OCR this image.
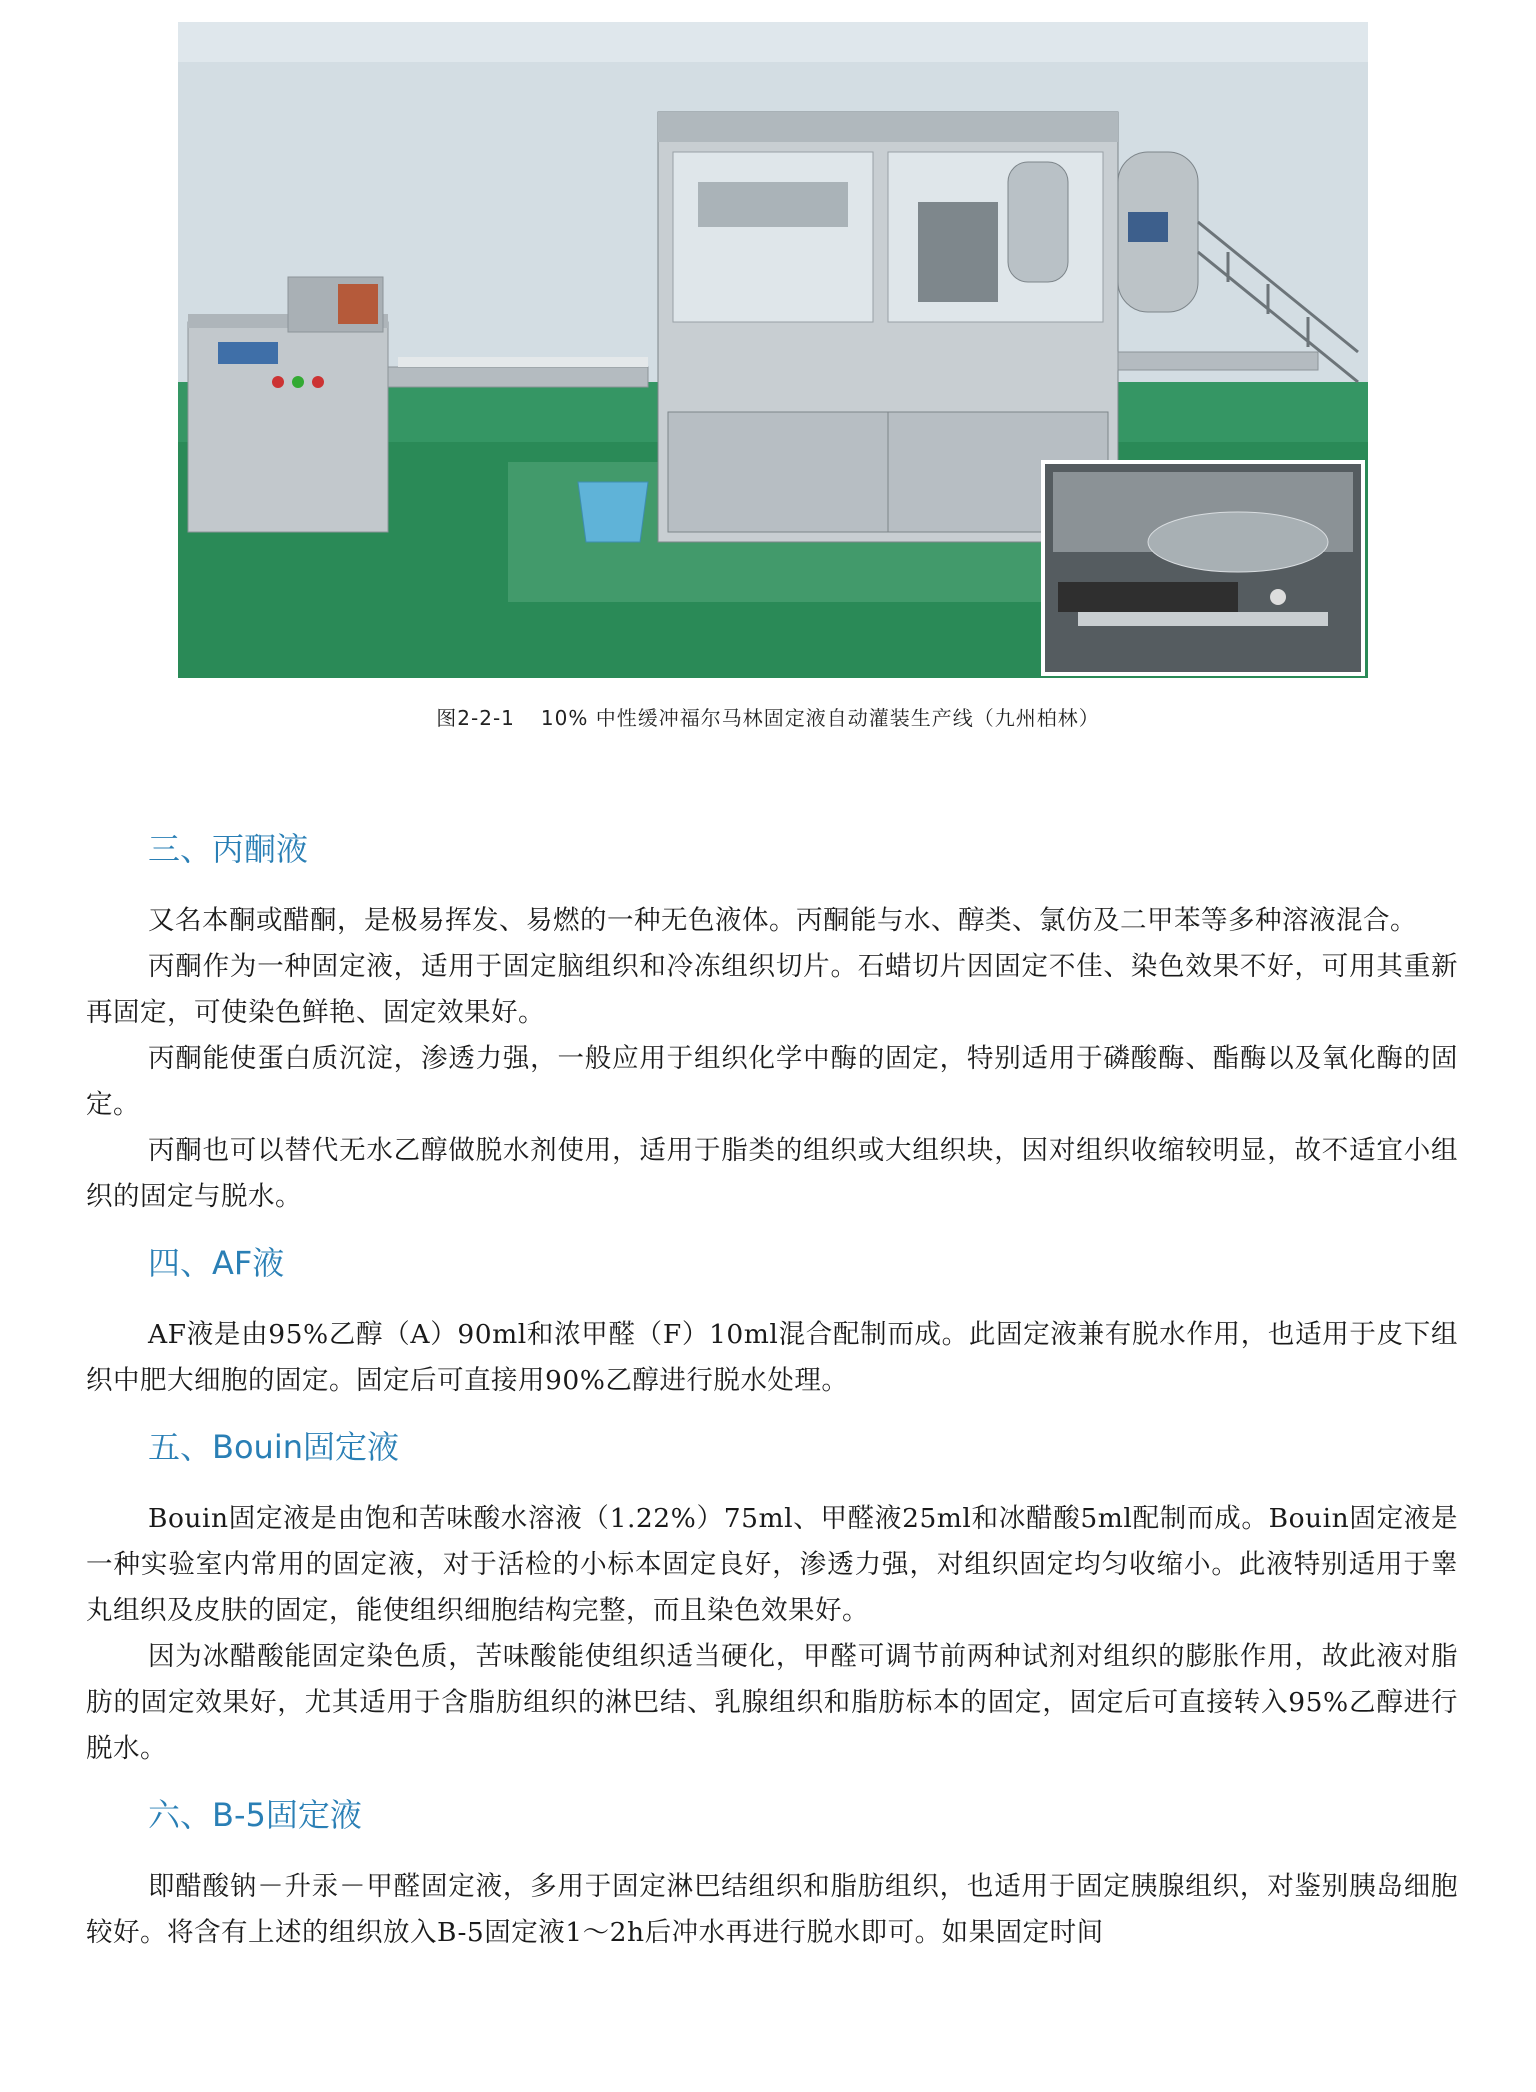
图2-2-1 10% 中性缓冲福尔马林固定液自动灌装生产线（九州柏林）
三、丙酮液

又名本酮或醋酮，是极易挥发、易燃的一种无色液体。丙酮能与水、醇类、氯仿及二甲苯等多种溶液混合。

丙酮作为一种固定液，适用于固定脑组织和冷冻组织切片。石蜡切片因固定不佳、染色效果不好，可用其重新再固定，可使染色鲜艳、固定效果好。

丙酮能使蛋白质沉淀，渗透力强，一般应用于组织化学中酶的固定，特别适用于磷酸酶、酯酶以及氧化酶的固定。

丙酮也可以替代无水乙醇做脱水剂使用，适用于脂类的组织或大组织块，因对组织收缩较明显，故不适宜小组织的固定与脱水。

四、AF液

AF液是由95%乙醇（A）90ml和浓甲醛（F）10ml混合配制而成。此固定液兼有脱水作用，也适用于皮下组织中肥大细胞的固定。固定后可直接用90%乙醇进行脱水处理。

五、Bouin固定液

Bouin固定液是由饱和苦味酸水溶液（1.22%）75ml、甲醛液25ml和冰醋酸5ml配制而成。Bouin固定液是一种实验室内常用的固定液，对于活检的小标本固定良好，渗透力强，对组织固定均匀收缩小。此液特别适用于睾丸组织及皮肤的固定，能使组织细胞结构完整，而且染色效果好。

因为冰醋酸能固定染色质，苦味酸能使组织适当硬化，甲醛可调节前两种试剂对组织的膨胀作用，故此液对脂肪的固定效果好，尤其适用于含脂肪组织的淋巴结、乳腺组织和脂肪标本的固定，固定后可直接转入95%乙醇进行脱水。

六、B-5固定液

即醋酸钠－升汞－甲醛固定液，多用于固定淋巴结组织和脂肪组织，也适用于固定胰腺组织，对鉴别胰岛细胞较好。将含有上述的组织放入B-5固定液1～2h后冲水再进行脱水即可。如果固定时间
